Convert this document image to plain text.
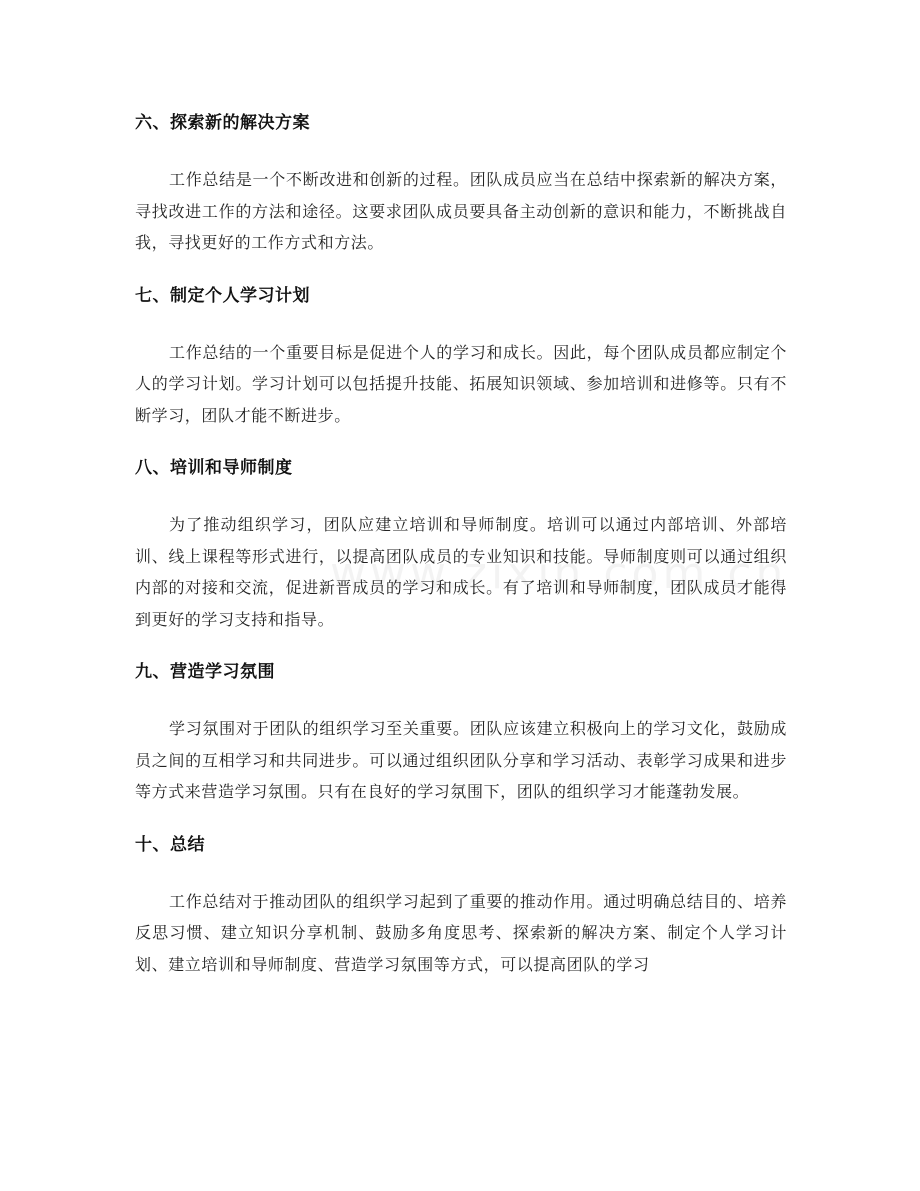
六、探索新的解决方案

工作总结是一个不断改进和创新的过程。团队成员应当在总结中探索新的解决方案，寻找改进工作的方法和途径。这要求团队成员要具备主动创新的意识和能力，不断挑战自我，寻找更好的工作方式和方法。

七、制定个人学习计划

工作总结的一个重要目标是促进个人的学习和成长。因此，每个团队成员都应制定个人的学习计划。学习计划可以包括提升技能、拓展知识领域、参加培训和进修等。只有不断学习，团队才能不断进步。

八、培训和导师制度

为了推动组织学习，团队应建立培训和导师制度。培训可以通过内部培训、外部培训、线上课程等形式进行，以提高团队成员的专业知识和技能。导师制度则可以通过组织内部的对接和交流，促进新晋成员的学习和成长。有了培训和导师制度，团队成员才能得到更好的学习支持和指导。

九、营造学习氛围

学习氛围对于团队的组织学习至关重要。团队应该建立积极向上的学习文化，鼓励成员之间的互相学习和共同进步。可以通过组织团队分享和学习活动、表彰学习成果和进步等方式来营造学习氛围。只有在良好的学习氛围下，团队的组织学习才能蓬勃发展。

十、总结

工作总结对于推动团队的组织学习起到了重要的推动作用。通过明确总结目的、培养反思习惯、建立知识分享机制、鼓励多角度思考、探索新的解决方案、制定个人学习计划、建立培训和导师制度、营造学习氛围等方式，可以提高团队的学习
